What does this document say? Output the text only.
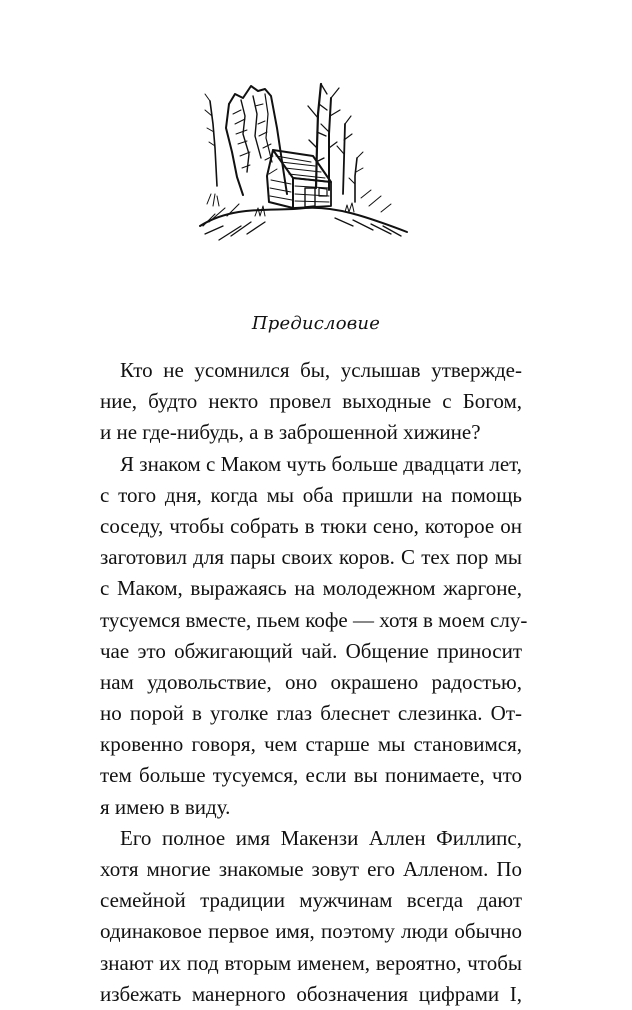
Предисловие
Кто не усомнился бы, услышав утвержде-
ние, будто некто провел выходные с Богом,
и не где-нибудь, а в заброшенной хижине?
Я знаком с Маком чуть больше двадцати лет,
с того дня, когда мы оба пришли на помощь
соседу, чтобы собрать в тюки сено, которое он
заготовил для пары своих коров. С тех пор мы
с Маком, выражаясь на молодежном жаргоне,
тусуемся вместе, пьем кофе — хотя в моем слу-
чае это обжигающий чай. Общение приносит
нам удовольствие, оно окрашено радостью,
но порой в уголке глаз блеснет слезинка. От-
кровенно говоря, чем старше мы становимся,
тем больше тусуемся, если вы понимаете, что
я имею в виду.
Его полное имя Макензи Аллен Филлипс,
хотя многие знакомые зовут его Алленом. По
семейной традиции мужчинам всегда дают
одинаковое первое имя, поэтому люди обычно
знают их под вторым именем, вероятно, чтобы
избежать манерного обозначения цифрами I,
